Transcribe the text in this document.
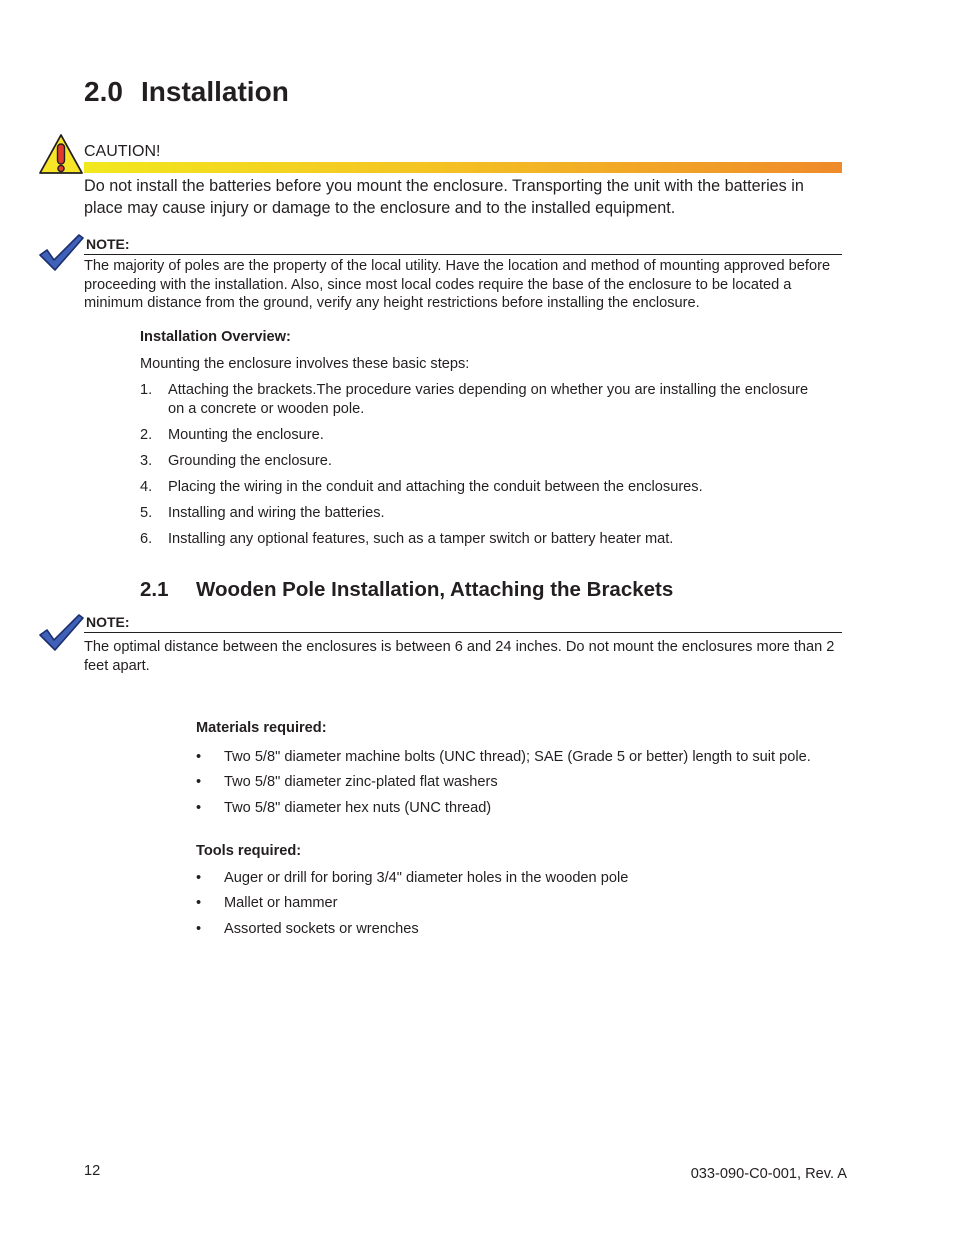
2.0 Installation
CAUTION!
Do not install the batteries before you mount the enclosure. Transporting the unit with the batteries in place may cause injury or damage to the enclosure and to the installed equipment.
NOTE:
The majority of poles are the property of the local utility. Have the location and method of mounting approved before proceeding with the installation. Also, since most local codes require the base of the enclosure to be located a minimum distance from the ground, verify any height restrictions before installing the enclosure.
Installation Overview:
Mounting the enclosure involves these basic steps:
1.	Attaching the brackets.The procedure varies depending on whether you are installing the enclosure on a concrete or wooden pole.
2.	Mounting the enclosure.
3.	Grounding the enclosure.
4.	Placing the wiring in the conduit and attaching the conduit between the enclosures.
5.	Installing and wiring the batteries.
6.	Installing any optional features, such as a tamper switch or battery heater mat.
2.1 Wooden Pole Installation, Attaching the Brackets
NOTE:
The optimal distance between the enclosures is between 6 and 24 inches. Do not mount the enclosures more than 2 feet apart.
Materials required:
•	Two 5/8" diameter machine bolts (UNC thread); SAE (Grade 5 or better) length to suit pole.
•	Two 5/8" diameter zinc-plated flat washers
•	Two 5/8" diameter hex nuts (UNC thread)
Tools required:
•	Auger or drill for boring 3/4" diameter holes in the wooden pole
•	Mallet or hammer
•	Assorted sockets or wrenches
12	033-090-C0-001, Rev. A
